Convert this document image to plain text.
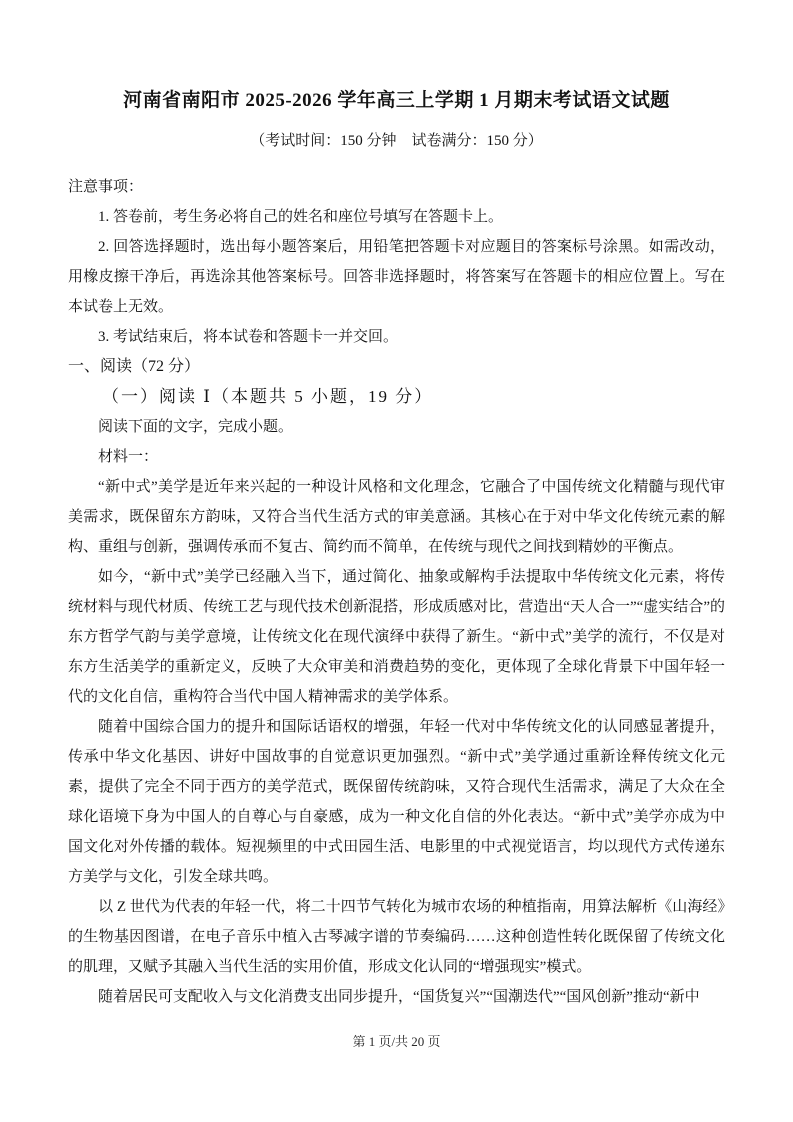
河南省南阳市 2025-2026 学年高三上学期 1 月期末考试语文试题

（考试时间：150 分钟　试卷满分：150 分）

注意事项：

1. 答卷前，考生务必将自己的姓名和座位号填写在答题卡上。

2. 回答选择题时，选出每小题答案后，用铅笔把答题卡对应题目的答案标号涂黑。如需改动，用橡皮擦干净后，再选涂其他答案标号。回答非选择题时，将答案写在答题卡的相应位置上。写在本试卷上无效。

3. 考试结束后，将本试卷和答题卡一并交回。

一、阅读（72 分）

（一）阅读 Ⅰ（本题共 5 小题，19 分）

阅读下面的文字，完成小题。

材料一：

“新中式”美学是近年来兴起的一种设计风格和文化理念，它融合了中国传统文化精髓与现代审美需求，既保留东方韵味，又符合当代生活方式的审美意涵。其核心在于对中华文化传统元素的解构、重组与创新，强调传承而不复古、简约而不简单，在传统与现代之间找到精妙的平衡点。

如今，“新中式”美学已经融入当下，通过简化、抽象或解构手法提取中华传统文化元素，将传统材料与现代材质、传统工艺与现代技术创新混搭，形成质感对比，营造出“天人合一”“虚实结合”的东方哲学气韵与美学意境，让传统文化在现代演绎中获得了新生。“新中式”美学的流行，不仅是对东方生活美学的重新定义，反映了大众审美和消费趋势的变化，更体现了全球化背景下中国年轻一代的文化自信，重构符合当代中国人精神需求的美学体系。

随着中国综合国力的提升和国际话语权的增强，年轻一代对中华传统文化的认同感显著提升，传承中华文化基因、讲好中国故事的自觉意识更加强烈。“新中式”美学通过重新诠释传统文化元素，提供了完全不同于西方的美学范式，既保留传统韵味，又符合现代生活需求，满足了大众在全球化语境下身为中国人的自尊心与自豪感，成为一种文化自信的外化表达。“新中式”美学亦成为中国文化对外传播的载体。短视频里的中式田园生活、电影里的中式视觉语言，均以现代方式传递东方美学与文化，引发全球共鸣。

以 Z 世代为代表的年轻一代，将二十四节气转化为城市农场的种植指南，用算法解析《山海经》的生物基因图谱，在电子音乐中植入古琴减字谱的节奏编码……这种创造性转化既保留了传统文化的肌理，又赋予其融入当代生活的实用价值，形成文化认同的“增强现实”模式。

随着居民可支配收入与文化消费支出同步提升，“国货复兴”“国潮迭代”“国风创新”推动“新中

第 1 页/共 20 页
